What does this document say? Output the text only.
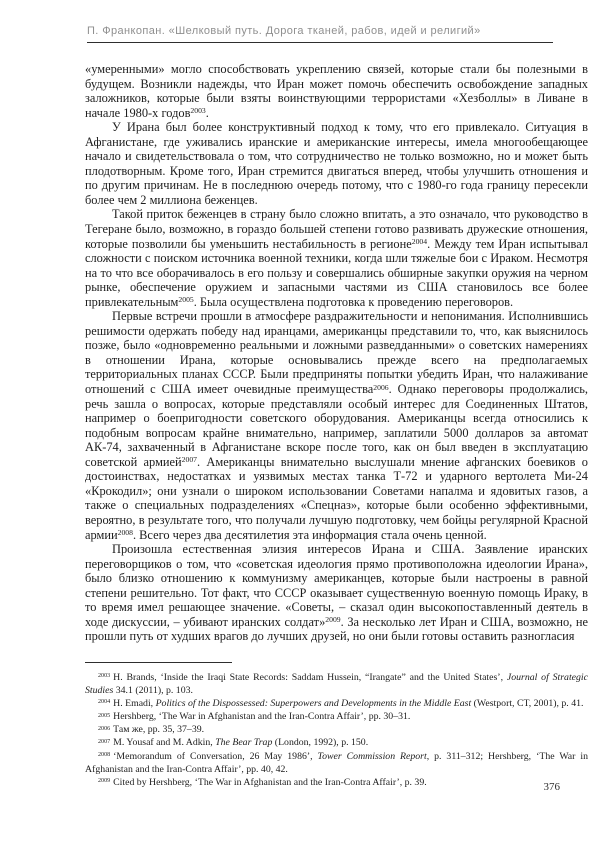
П. Франкопан. «Шелковый путь. Дорога тканей, рабов, идей и религий»

«умеренными» могло способствовать укреплению связей, которые стали бы полезными в будущем. Возникли надежды, что Иран может помочь обеспечить освобождение западных заложников, которые были взяты воинствующими террористами «Хезболлы» в Ливане в начале 1980-х годов$^{2003}$.

У Ирана был более конструктивный подход к тому, что его привлекало. Ситуация в Афганистане, где уживались иранские и американские интересы, имела многообещающее начало и свидетельствовала о том, что сотрудничество не только возможно, но и может быть плодотворным. Кроме того, Иран стремится двигаться вперед, чтобы улучшить отношения и по другим причинам. Не в последнюю очередь потому, что с 1980-го года границу пересекли более чем 2 миллиона беженцев.

Такой приток беженцев в страну было сложно впитать, а это означало, что руководство в Тегеране было, возможно, в гораздо большей степени готово развивать дружеские отношения, которые позволили бы уменьшить нестабильность в регионе$^{2004}$. Между тем Иран испытывал сложности с поиском источника военной техники, когда шли тяжелые бои с Ираком. Несмотря на то что все оборачивалось в его пользу и совершались обширные закупки оружия на черном рынке, обеспечение оружием и запасными частями из США становилось все более привлекательным$^{2005}$. Была осуществлена подготовка к проведению переговоров.

Первые встречи прошли в атмосфере раздражительности и непонимания. Исполнившись решимости одержать победу над иранцами, американцы представили то, что, как выяснилось позже, было «одновременно реальными и ложными разведданными» о советских намерениях в отношении Ирана, которые основывались прежде всего на предполагаемых территориальных планах СССР. Были предприняты попытки убедить Иран, что налаживание отношений с США имеет очевидные преимущества$^{2006}$. Однако переговоры продолжались, речь зашла о вопросах, которые представляли особый интерес для Соединенных Штатов, например о боепригодности советского оборудования. Американцы всегда относились к подобным вопросам крайне внимательно, например, заплатили 5000 долларов за автомат АК-74, захваченный в Афганистане вскоре после того, как он был введен в эксплуатацию советской армией$^{2007}$. Американцы внимательно выслушали мнение афганских боевиков о достоинствах, недостатках и уязвимых местах танка Т-72 и ударного вертолета Ми-24 «Крокодил»; они узнали о широком использовании Советами напалма и ядовитых газов, а также о специальных подразделениях «Спецназ», которые были особенно эффективными, вероятно, в результате того, что получали лучшую подготовку, чем бойцы регулярной Красной армии$^{2008}$. Всего через два десятилетия эта информация стала очень ценной.

Произошла естественная элизия интересов Ирана и США. Заявление иранских переговорщиков о том, что «советская идеология прямо противоположна идеологии Ирана», было близко отношению к коммунизму американцев, которые были настроены в равной степени решительно. Тот факт, что СССР оказывает существенную военную помощь Ираку, в то время имел решающее значение. «Советы, – сказал один высокопоставленный деятель в ходе дискуссии, – убивают иранских солдат»$^{2009}$. За несколько лет Иран и США, возможно, не прошли путь от худших врагов до лучших друзей, но они были готовы оставить разногласия

$^{2003}$ H. Brands, ‘Inside the Iraqi State Records: Saddam Hussein, “Irangate” and the United States’, Journal of Strategic Studies 34.1 (2011), p. 103.

$^{2004}$ H. Emadi, Politics of the Dispossessed: Superpowers and Developments in the Middle East (Westport, CT, 2001), p. 41.

$^{2005}$ Hershberg, ‘The War in Afghanistan and the Iran-Contra Affair’, pp. 30–31.

$^{2006}$ Там же, pp. 35, 37–39.

$^{2007}$ M. Yousaf and M. Adkin, The Bear Trap (London, 1992), p. 150.

$^{2008}$ ‘Memorandum of Conversation, 26 May 1986’, Tower Commission Report, p. 311–312; Hershberg, ‘The War in Afghanistan and the Iran-Contra Affair’, pp. 40, 42.

$^{2009}$ Cited by Hershberg, ‘The War in Afghanistan and the Iran-Contra Affair’, p. 39.	376
